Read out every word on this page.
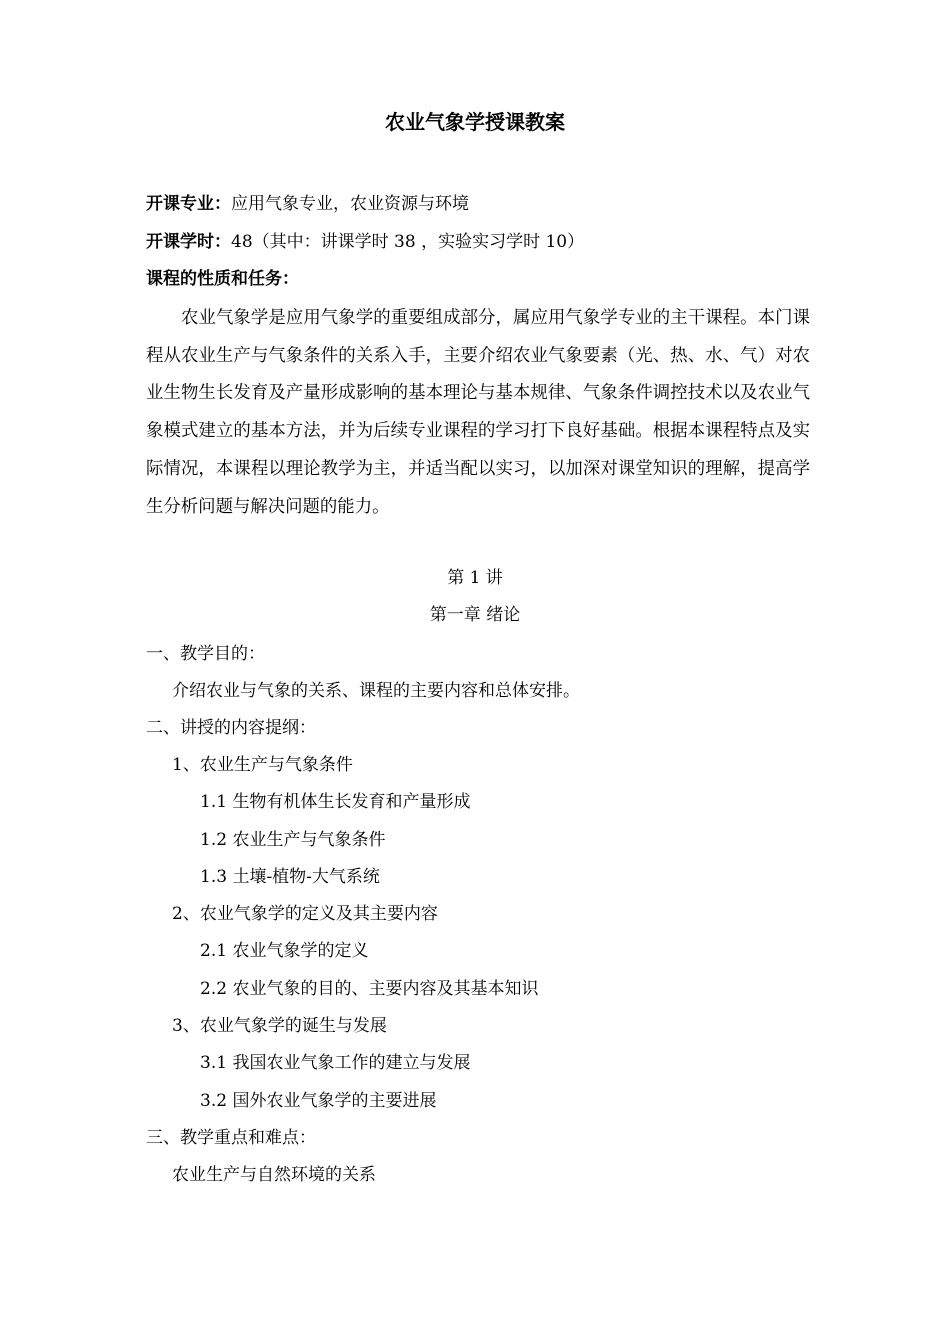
农业气象学授课教案
开课专业：应用气象专业，农业资源与环境
开课学时：48（其中：讲课学时 38 ，实验实习学时 10）
课程的性质和任务：
农业气象学是应用气象学的重要组成部分，属应用气象学专业的主干课程。本门课程从农业生产与气象条件的关系入手，主要介绍农业气象要素（光、热、水、气）对农业生物生长发育及产量形成影响的基本理论与基本规律、气象条件调控技术以及农业气象模式建立的基本方法，并为后续专业课程的学习打下良好基础。根据本课程特点及实际情况，本课程以理论教学为主，并适当配以实习，以加深对课堂知识的理解，提高学生分析问题与解决问题的能力。
第 1 讲
第一章 绪论
一、教学目的：
介绍农业与气象的关系、课程的主要内容和总体安排。
二、讲授的内容提纲：
1、农业生产与气象条件
1.1 生物有机体生长发育和产量形成
1.2 农业生产与气象条件
1.3 土壤-植物-大气系统
2、农业气象学的定义及其主要内容
2.1 农业气象学的定义
2.2 农业气象的目的、主要内容及其基本知识
3、农业气象学的诞生与发展
3.1 我国农业气象工作的建立与发展
3.2 国外农业气象学的主要进展
三、教学重点和难点：
农业生产与自然环境的关系
